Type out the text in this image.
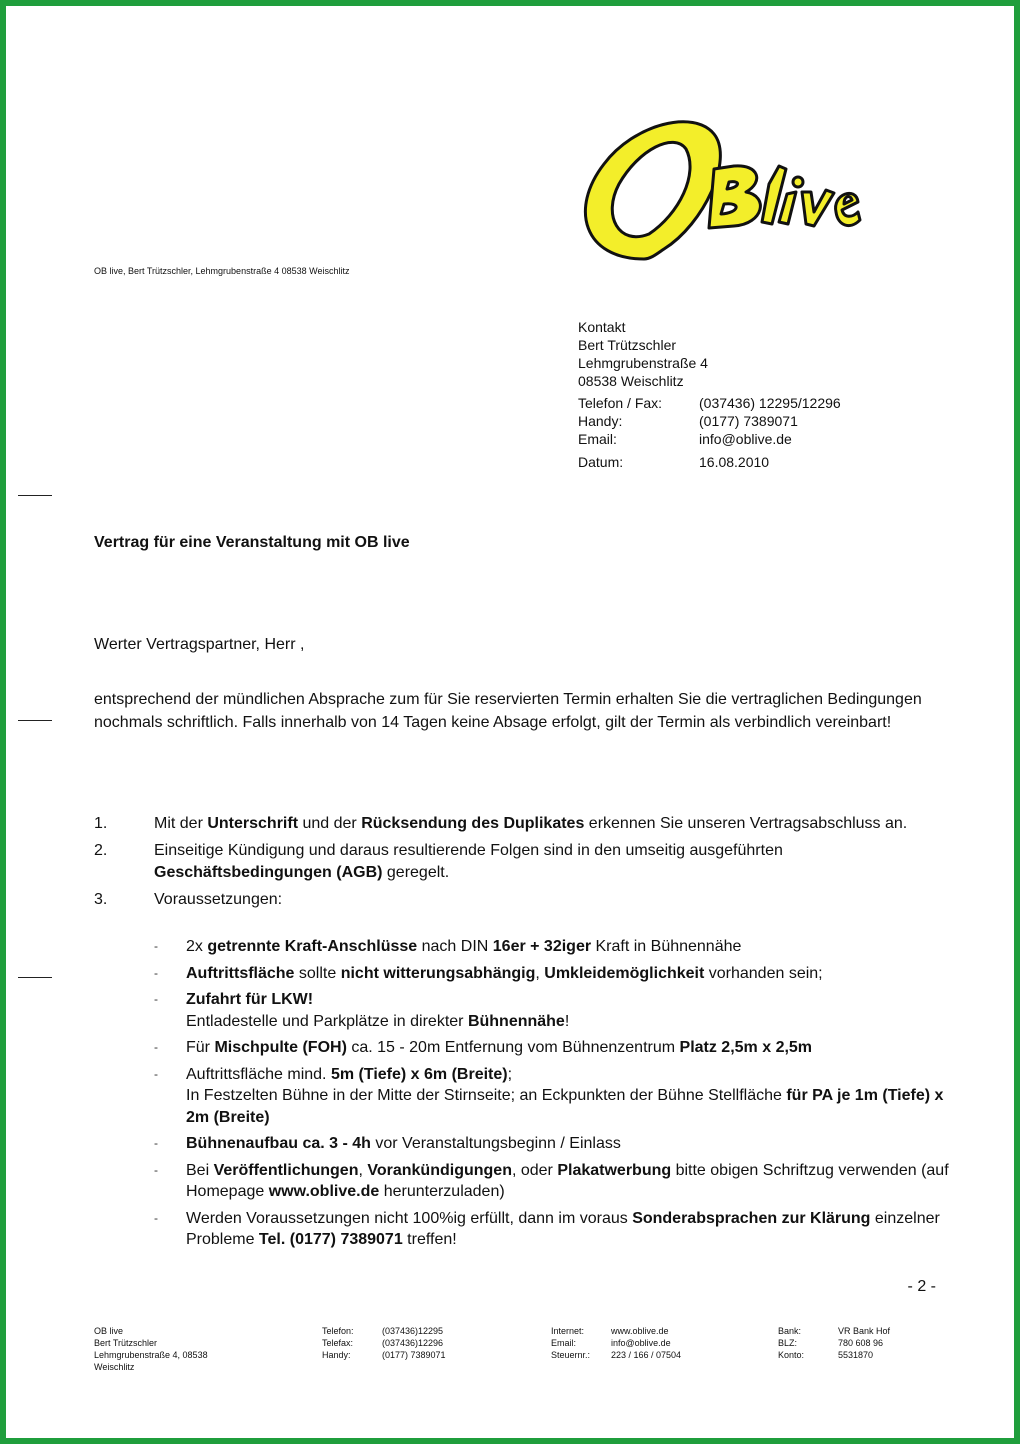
OB live, Bert Trützschler, Lehmgrubenstraße 4 08538 Weischlitz
Kontakt
Bert Trützschler
Lehmgrubenstraße 4
08538 Weischlitz
Telefon / Fax:	(037436) 12295/12296
Handy:	(0177) 7389071
Email:	info@oblive.de
Datum:	16.08.2010
Vertrag für eine Veranstaltung mit OB live
Werter Vertragspartner, Herr ,
entsprechend der mündlichen Absprache zum für Sie reservierten Termin erhalten Sie die vertraglichen Bedingungen nochmals schriftlich. Falls innerhalb von 14 Tagen keine Absage erfolgt, gilt der Termin als verbindlich vereinbart!
1.	Mit der Unterschrift und der Rücksendung des Duplikates erkennen Sie unseren Vertragsabschluss an.
2.	Einseitige Kündigung und daraus resultierende Folgen sind in den umseitig ausgeführten Geschäftsbedingungen (AGB) geregelt.
3.	Voraussetzungen:
-	2x getrennte Kraft-Anschlüsse nach DIN 16er + 32iger Kraft in Bühnennähe
-	Auftrittsfläche sollte nicht witterungsabhängig, Umkleidemöglichkeit vorhanden sein;
-	Zufahrt für LKW!
Entladestelle und Parkplätze in direkter Bühnennähe!
-	Für Mischpulte (FOH) ca. 15 - 20m Entfernung vom Bühnenzentrum Platz 2,5m x 2,5m
-	Auftrittsfläche mind. 5m (Tiefe) x 6m (Breite);
In Festzelten Bühne in der Mitte der Stirnseite; an Eckpunkten der Bühne Stellfläche für PA je 1m (Tiefe) x 2m (Breite)
-	Bühnenaufbau ca. 3 - 4h vor Veranstaltungsbeginn / Einlass
-	Bei Veröffentlichungen, Vorankündigungen, oder Plakatwerbung bitte obigen Schriftzug verwenden (auf Homepage www.oblive.de herunterzuladen)
-	Werden Voraussetzungen nicht 100%ig erfüllt, dann im voraus Sonderabsprachen zur Klärung einzelner Probleme Tel. (0177) 7389071 treffen!
- 2 -
OB live
Bert Trützschler
Lehmgrubenstraße 4, 08538
Weischlitz
Telefon:	(037436)12295
Telefax:	(037436)12296
Handy:	(0177) 7389071
Internet:	www.oblive.de
Email:	info@oblive.de
Steuernr.:	223 / 166 / 07504
Bank:	VR Bank Hof
BLZ:	780 608 96
Konto:	5531870
